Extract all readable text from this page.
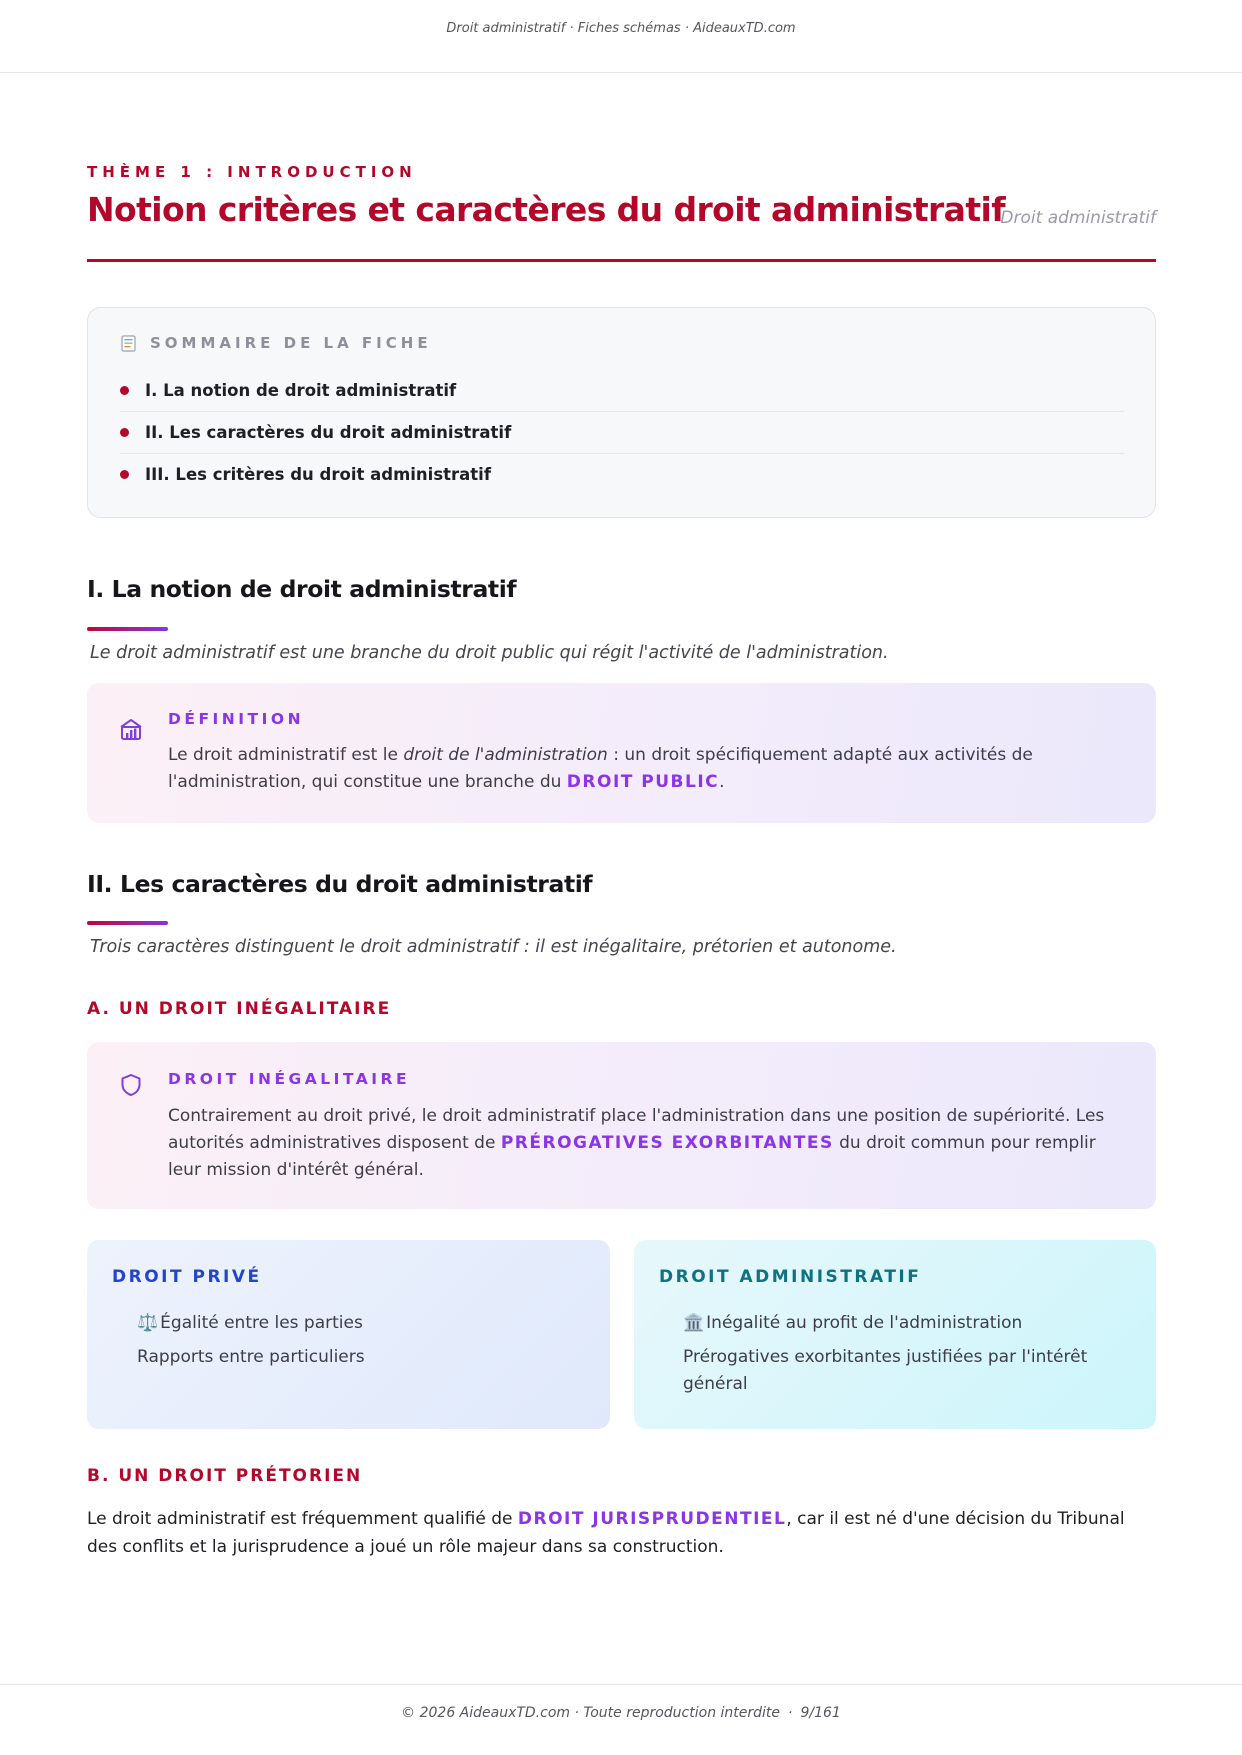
Droit administratif · Fiches schémas · AideauxTD.com
THÈME 1 : INTRODUCTION
Notion critères et caractères du droit administratif
Droit administratif
SOMMAIRE DE LA FICHE
I. La notion de droit administratif
II. Les caractères du droit administratif
III. Les critères du droit administratif
I. La notion de droit administratif
Le droit administratif est une branche du droit public qui régit l'activité de l'administration.
DÉFINITION
Le droit administratif est le droit de l'administration : un droit spécifiquement adapté aux activités de l'administration, qui constitue une branche du DROIT PUBLIC.
II. Les caractères du droit administratif
Trois caractères distinguent le droit administratif : il est inégalitaire, prétorien et autonome.
A. UN DROIT INÉGALITAIRE
DROIT INÉGALITAIRE
Contrairement au droit privé, le droit administratif place l'administration dans une position de supériorité. Les autorités administratives disposent de PRÉROGATIVES EXORBITANTES du droit commun pour remplir leur mission d'intérêt général.
DROIT PRIVÉ
⚖️ Égalité entre les parties
Rapports entre particuliers
DROIT ADMINISTRATIF
🏛️ Inégalité au profit de l'administration
Prérogatives exorbitantes justifiées par l'intérêt général
B. UN DROIT PRÉTORIEN
Le droit administratif est fréquemment qualifié de DROIT JURISPRUDENTIEL, car il est né d'une décision du Tribunal des conflits et la jurisprudence a joué un rôle majeur dans sa construction.
© 2026 AideauxTD.com · Toute reproduction interdite · 9/161
